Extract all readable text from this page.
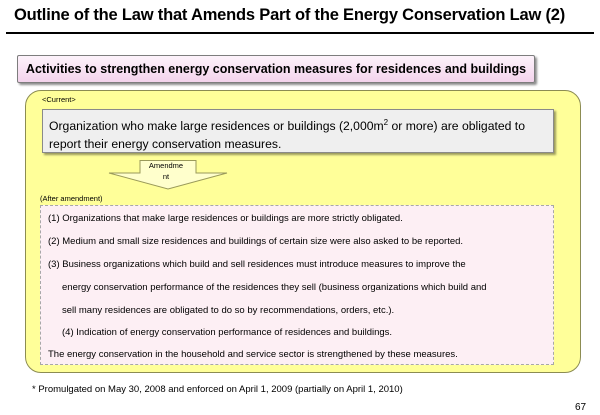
Outline of the Law that Amends Part of the Energy Conservation Law (2)
Activities to strengthen energy conservation measures for residences and buildings
<Current>
Organization who make large residences or buildings ($2,000m^2$ or more) are obligated to
report their energy conservation measures.
Amendme
nt
(After amendment)
(1) Organizations that make large residences or buildings are more strictly obligated.
(2) Medium and small size residences and buildings of certain size were also asked to be reported.
(3) Business organizations which build and sell residences must introduce measures to improve the
energy conservation performance of the residences they sell (business organizations which build and
sell many residences are obligated to do so by recommendations, orders, etc.).
(4) Indication of energy conservation performance of residences and buildings.
The energy conservation in the household and service sector is strengthened by these measures.
* Promulgated on May 30, 2008 and enforced on April 1, 2009 (partially on April 1, 2010)
67
